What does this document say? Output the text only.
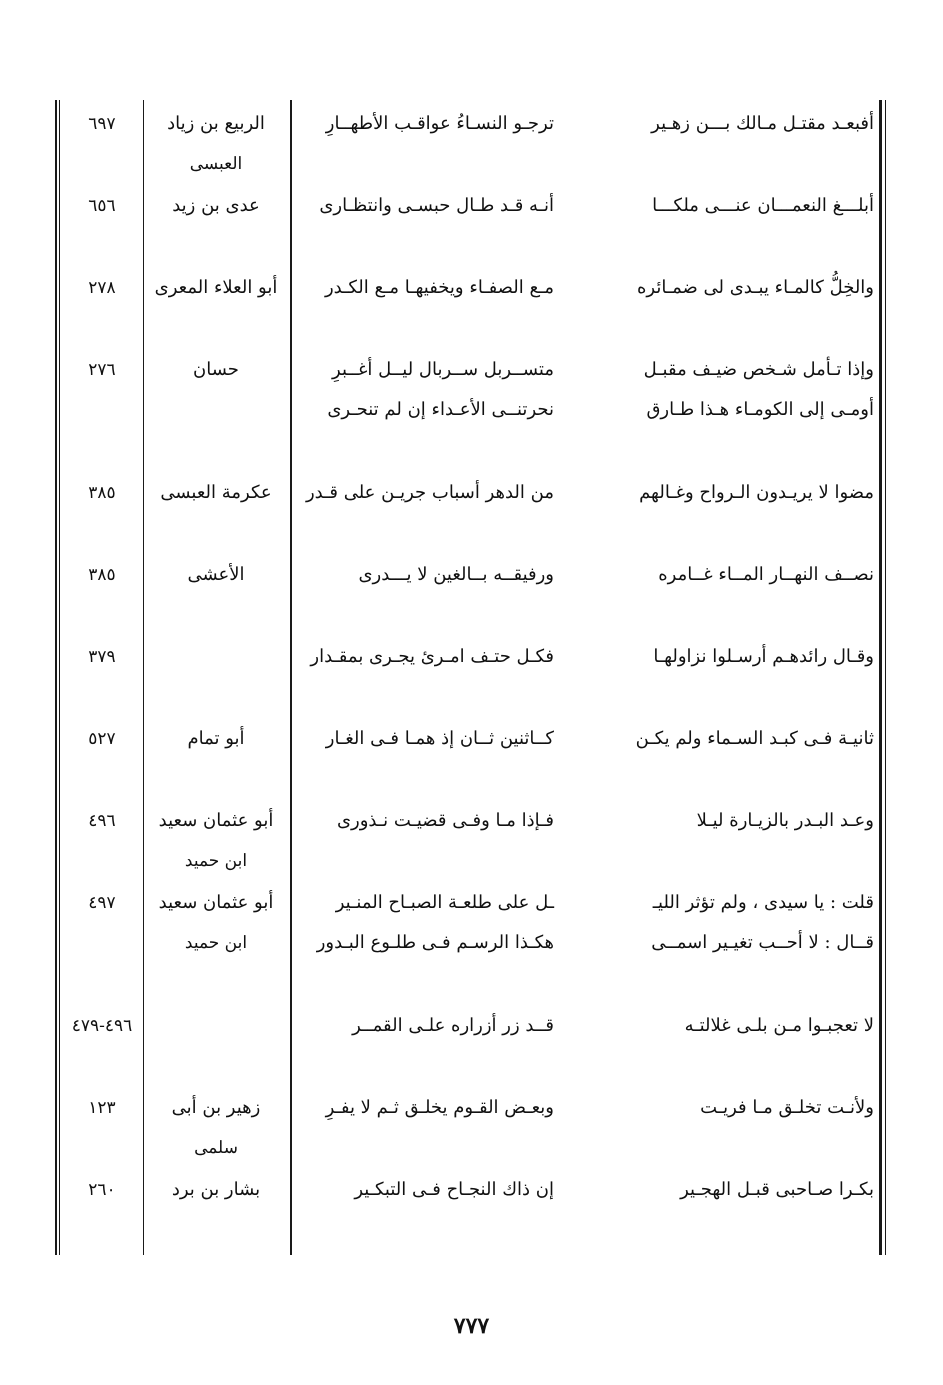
أفبعـد مقتـل مـالك بـــن زهـير
ترجـو النسـاءُ عواقـب الأطهــارِ
الربيع بن زياد
العبسى
٦٩٧
أبلـــغ النعمـــان عنـــى ملكـــا
أنـه قـد طـال حبسـى وانتظـارى
عدى بن زيد
٦٥٦
والخِلُّ كالمـاء يبـدى لى ضمـائره
مـع الصفـاء ويخفيهـا مـع الكـدر
أبو العلاء المعرى
٢٧٨
وإذا تـأمل شـخص ضيـف مقبـل
متســربل ســربال ليــل أغــبرِ
أومـى إلى الكومـاء هـذا طـارق
نحرتنــى الأعـداء إن لم تنحـرى
حسان
٢٧٦
مضوا لا يريـدون الـرواح وغـالهم
من الدهر أسباب جريـن على قـدر
عكرمة العبسى
٣٨٥
نصــف النهــار المــاء غــامره
ورفيقــه بــالغين لا يـــدرى
الأعشى
٣٨٥
وقـال رائدهـم أرسـلوا نزاولهـا
فكـل حتـف امـرئ يجـرى بمقـدار
٣٧٩
ثانيـة فـى كبـد السـماء ولم يكـن
كــاثنين ثــان إذ همـا فـى الغـار
أبو تمام
٥٢٧
وعـد البـدر بالزيـارة ليـلا
فـإذا مـا وفـى قضيـت نـذورى
أبو عثمان سعيد
ابن حميد
٤٩٦
قلت : يا سيدى ، ولم تؤثر الليـ
ـل على طلعـة الصبـاح المنـير
قــال : لا أحــب تغيـير اسمــى
هكـذا الرسـم فـى طلـوع البـدور
أبو عثمان سعيد
ابن حميد
٤٩٧
لا تعجبـوا مـن بلـى غلالتـه
قــد زر أزراره علـى القمــر
٤٩٦-٤٧٩
ولأنـت تخلـق مـا فريـت
وبعـض القـوم يخلـق ثـم لا يفـرِ
زهير بن أبى
سلمى
١٢٣
بكـرا صـاحبى قبـل الهجـير
إن ذاك النجـاح فـى التبكـير
بشار بن برد
٢٦٠
٧٧٧
